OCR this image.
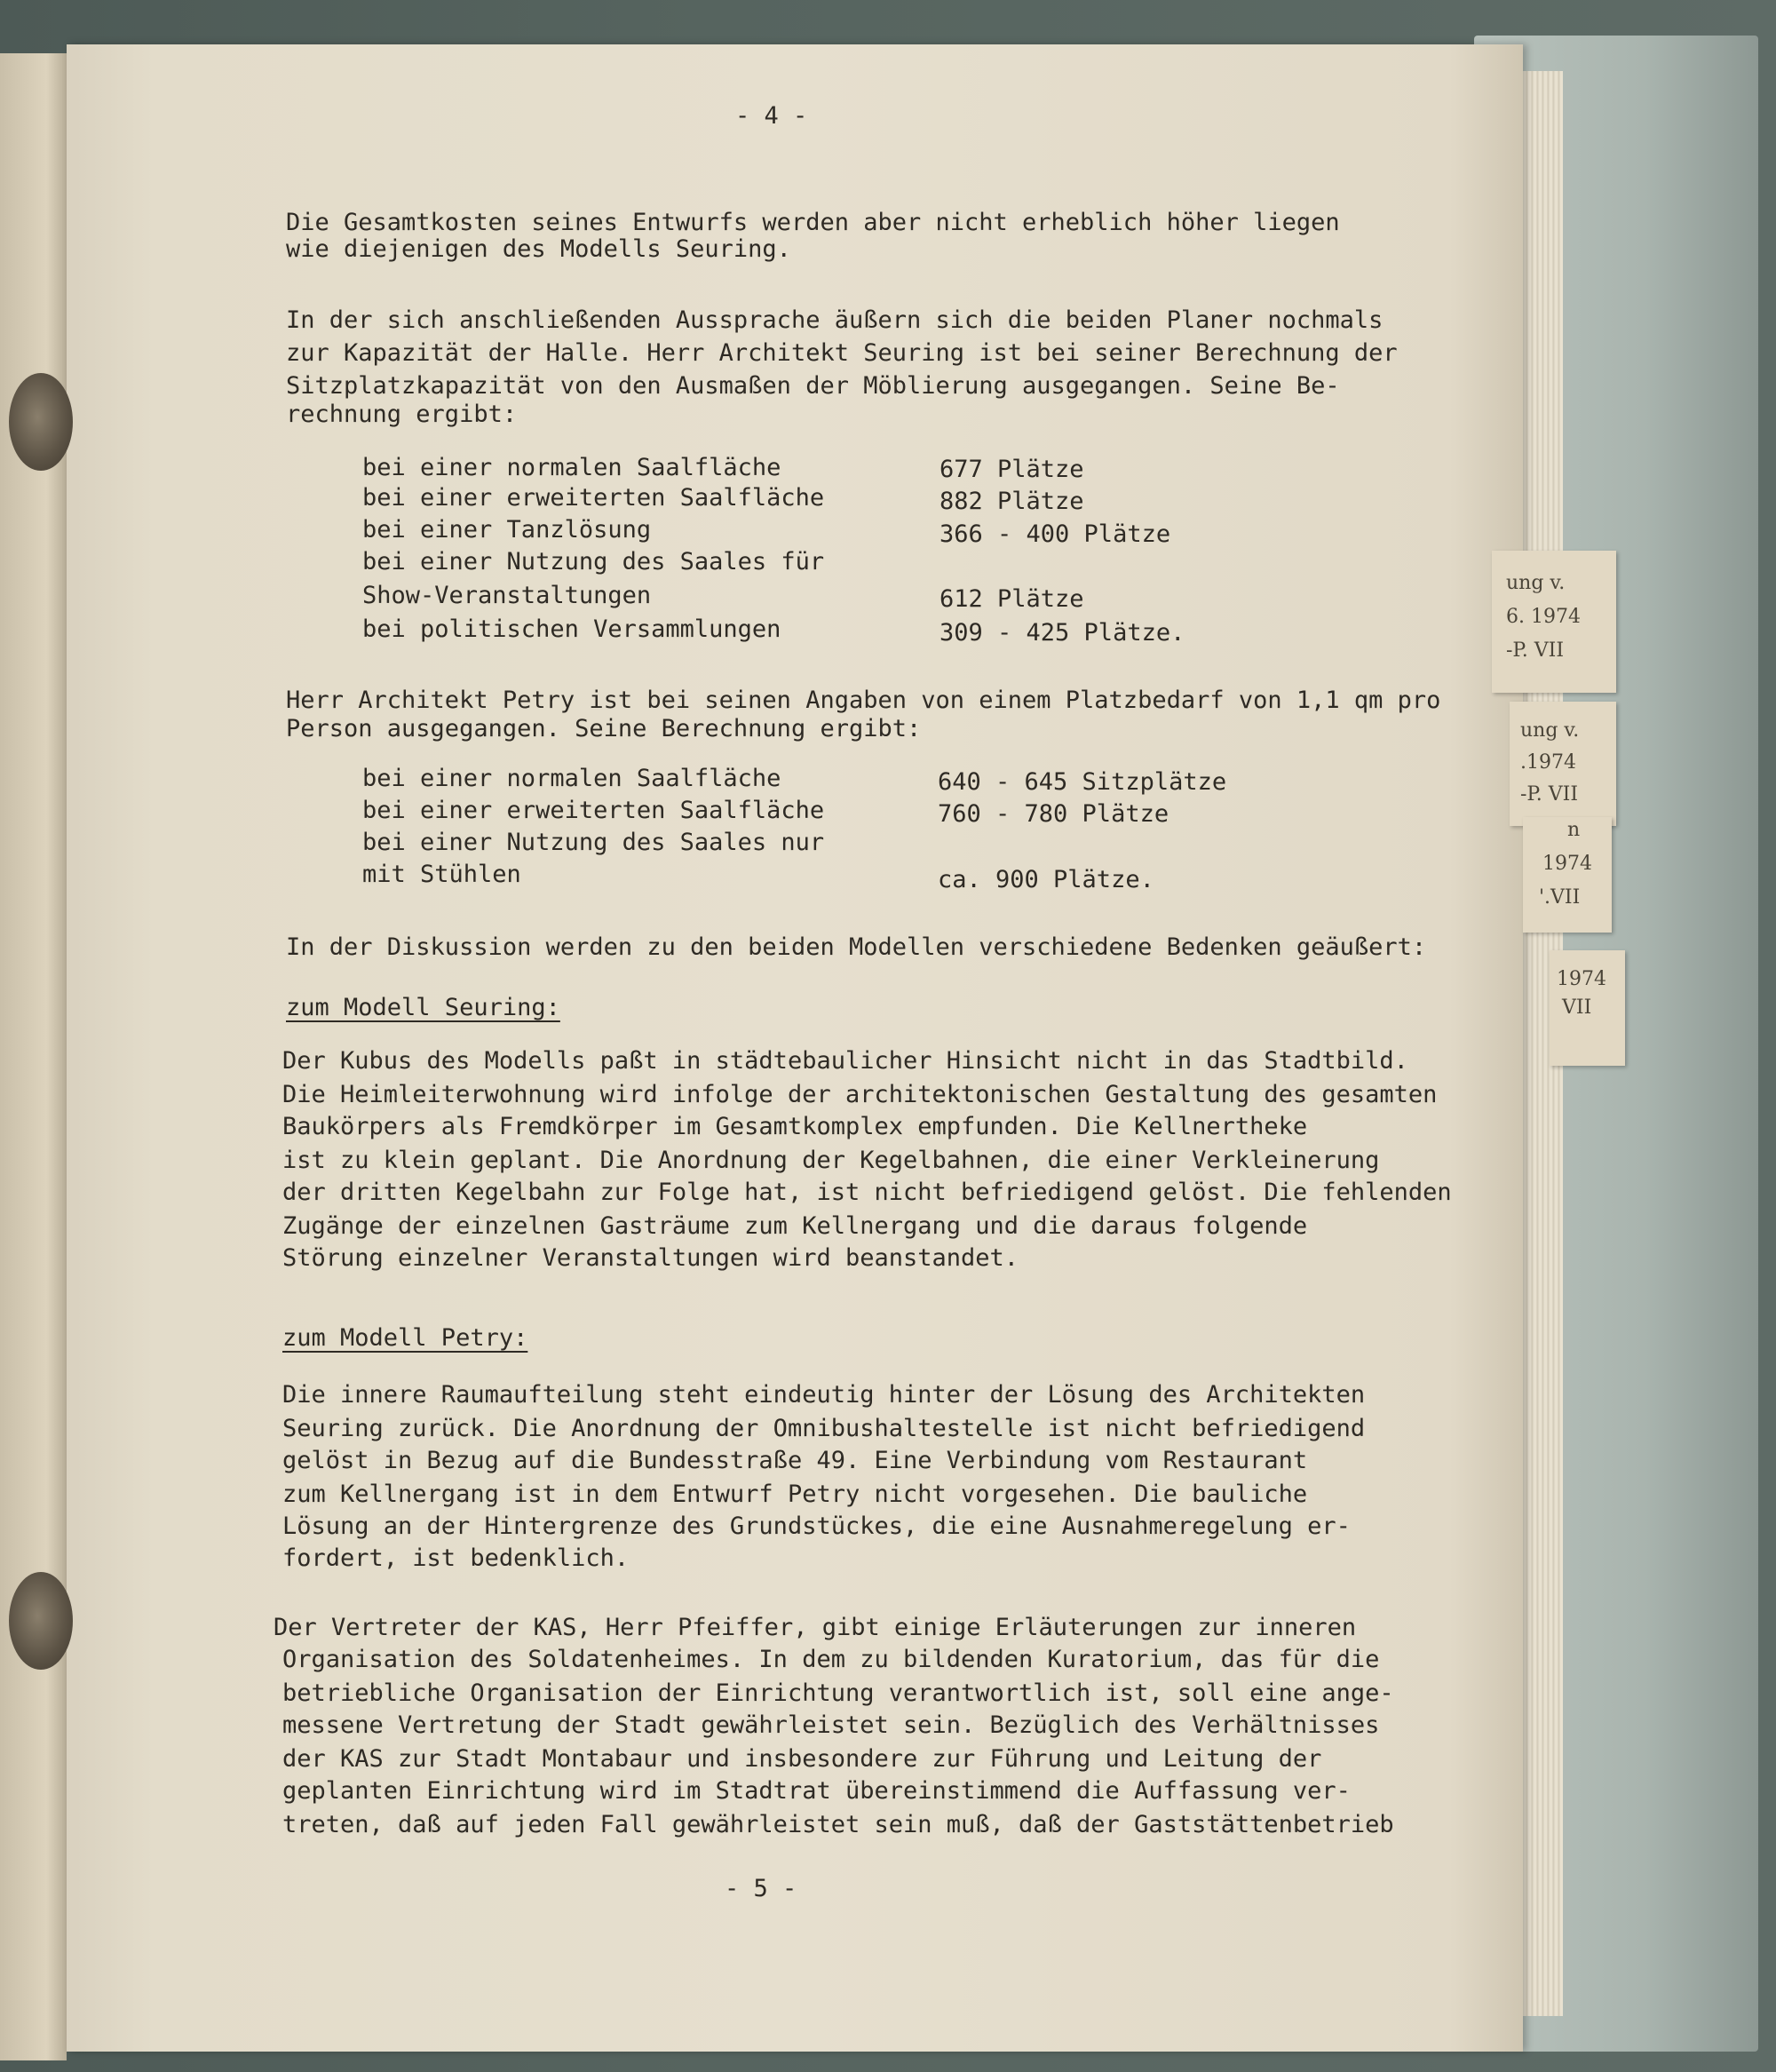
ung v.
6. 1974
-P. VII
ung v.
.1974
-P. VII
n
1974
'.VII
1974
VII
- 4 -
Die Gesamtkosten seines Entwurfs werden aber nicht erheblich höher liegen
wie diejenigen des Modells Seuring.
In der sich anschließenden Aussprache äußern sich die beiden Planer nochmals
zur Kapazität der Halle. Herr Architekt Seuring ist bei seiner Berechnung der
Sitzplatzkapazität von den Ausmaßen der Möblierung ausgegangen. Seine Be-
rechnung ergibt:
bei einer normalen Saalfläche	677 Plätze
bei einer erweiterten Saalfläche	882 Plätze
bei einer Tanzlösung	366 - 400 Plätze
bei einer Nutzung des Saales für
Show-Veranstaltungen	612 Plätze
bei politischen Versammlungen	309 - 425 Plätze.
Herr Architekt Petry ist bei seinen Angaben von einem Platzbedarf von 1,1 qm pro
Person ausgegangen. Seine Berechnung ergibt:
bei einer normalen Saalfläche	640 - 645 Sitzplätze
bei einer erweiterten Saalfläche	760 - 780 Plätze
bei einer Nutzung des Saales nur
mit Stühlen	ca. 900 Plätze.
In der Diskussion werden zu den beiden Modellen verschiedene Bedenken geäußert:
zum Modell Seuring:
Der Kubus des Modells paßt in städtebaulicher Hinsicht nicht in das Stadtbild.
Die Heimleiterwohnung wird infolge der architektonischen Gestaltung des gesamten
Baukörpers als Fremdkörper im Gesamtkomplex empfunden. Die Kellnertheke
ist zu klein geplant. Die Anordnung der Kegelbahnen, die einer Verkleinerung
der dritten Kegelbahn zur Folge hat, ist nicht befriedigend gelöst. Die fehlenden
Zugänge der einzelnen Gasträume zum Kellnergang und die daraus folgende
Störung einzelner Veranstaltungen wird beanstandet.
zum Modell Petry:
Die innere Raumaufteilung steht eindeutig hinter der Lösung des Architekten
Seuring zurück. Die Anordnung der Omnibushaltestelle ist nicht befriedigend
gelöst in Bezug auf die Bundesstraße 49. Eine Verbindung vom Restaurant
zum Kellnergang ist in dem Entwurf Petry nicht vorgesehen. Die bauliche
Lösung an der Hintergrenze des Grundstückes, die eine Ausnahmeregelung er-
fordert, ist bedenklich.
Der Vertreter der KAS, Herr Pfeiffer, gibt einige Erläuterungen zur inneren
Organisation des Soldatenheimes. In dem zu bildenden Kuratorium, das für die
betriebliche Organisation der Einrichtung verantwortlich ist, soll eine ange-
messene Vertretung der Stadt gewährleistet sein. Bezüglich des Verhältnisses
der KAS zur Stadt Montabaur und insbesondere zur Führung und Leitung der
geplanten Einrichtung wird im Stadtrat übereinstimmend die Auffassung ver-
treten, daß auf jeden Fall gewährleistet sein muß, daß der Gaststättenbetrieb
- 5 -
